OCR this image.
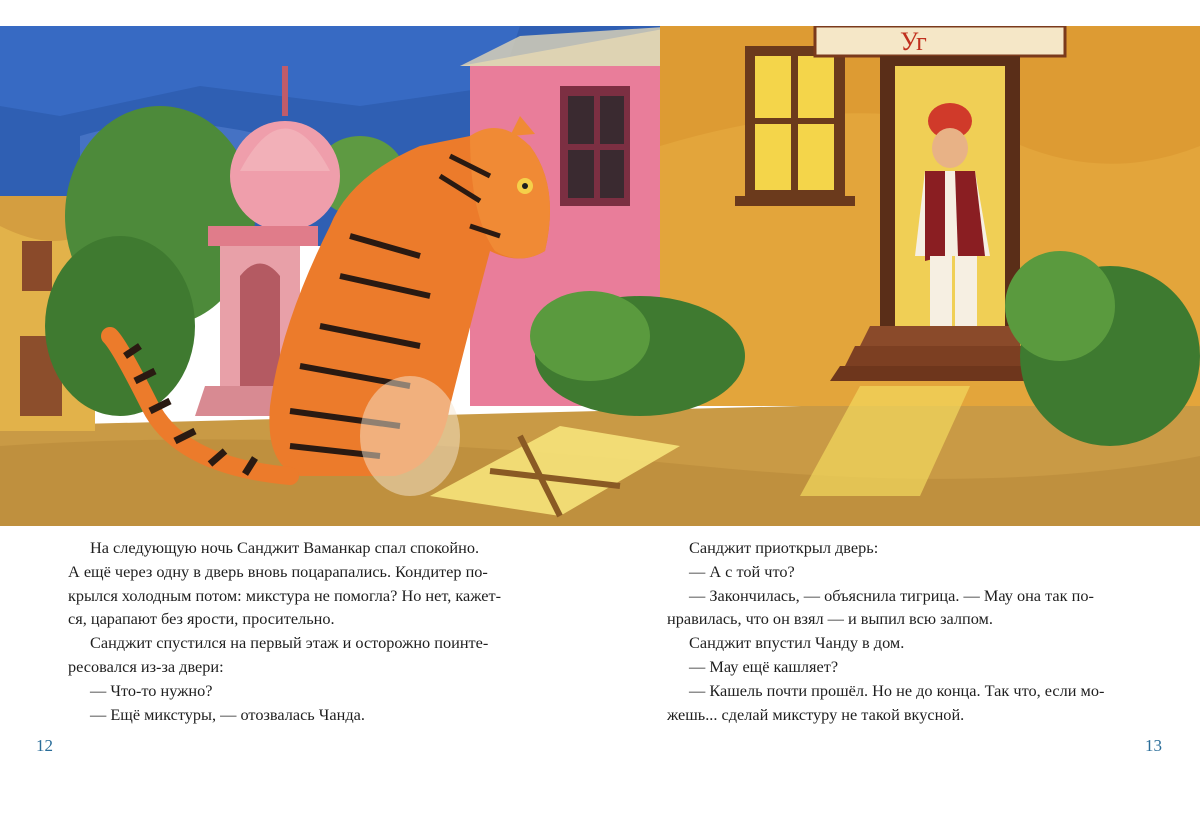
Уг

На следующую ночь Санджит Ваманкар спал спокойно.

А ещё через одну в дверь вновь поцарапались. Кондитер по-

крылся холодным потом: микстура не помогла? Но нет, кажет-

ся, царапают без ярости, просительно.

Санджит спустился на первый этаж и осторожно поинте-

ресовался из-за двери:

— Что-то нужно?

— Ещё микстуры, — отозвалась Чанда.

Санджит приоткрыл дверь:

— А с той что?

— Закончилась, — объяснила тигрица. — Мау она так по-

нравилась, что он взял — и выпил всю залпом.

Санджит впустил Чанду в дом.

— Мау ещё кашляет?

— Кашель почти прошёл. Но не до конца. Так что, если мо-

жешь... сделай микстуру не такой вкусной.

12	13
